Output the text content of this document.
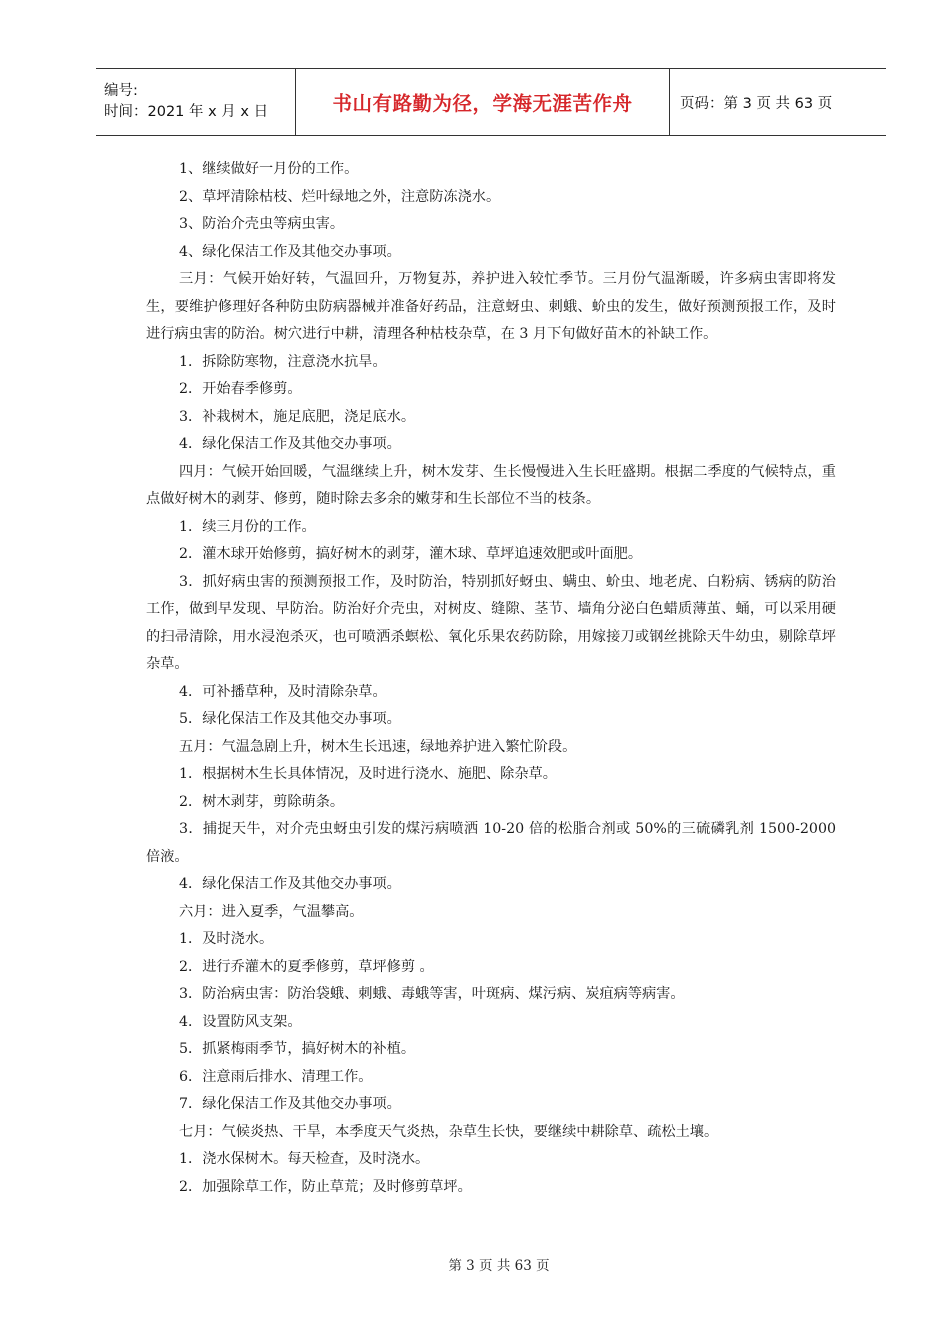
编号:
时间：2021 年 x 月 x 日	书山有路勤为径，学海无涯苦作舟	页码：第 3 页 共 63 页

1、继续做好一月份的工作。

2、草坪清除枯枝、烂叶绿地之外，注意防冻浇水。

3、防治介壳虫等病虫害。

4、绿化保洁工作及其他交办事项。

三月：气候开始好转，气温回升，万物复苏，养护进入较忙季节。三月份气温渐暖，许多病虫害即将发生，要维护修理好各种防虫防病器械并准备好药品，注意蚜虫、刺蛾、蚧虫的发生，做好预测预报工作，及时进行病虫害的防治。树穴进行中耕，清理各种枯枝杂草，在 3 月下旬做好苗木的补缺工作。

1．拆除防寒物，注意浇水抗旱。

2．开始春季修剪。

3．补栽树木，施足底肥，浇足底水。

4．绿化保洁工作及其他交办事项。

四月：气候开始回暖，气温继续上升，树木发芽、生长慢慢进入生长旺盛期。根据二季度的气候特点，重点做好树木的剥芽、修剪，随时除去多余的嫩芽和生长部位不当的枝条。

1．续三月份的工作。

2．灌木球开始修剪，搞好树木的剥芽，灌木球、草坪追速效肥或叶面肥。

3．抓好病虫害的预测预报工作，及时防治，特别抓好蚜虫、螨虫、蚧虫、地老虎、白粉病、锈病的防治工作，做到早发现、早防治。防治好介壳虫，对树皮、缝隙、茎节、墙角分泌白色蜡质薄茧、蛹，可以采用硬的扫帚清除，用水浸泡杀灭，也可喷洒杀螟松、氧化乐果农药防除，用嫁接刀或钢丝挑除天牛幼虫，剔除草坪杂草。

4．可补播草种，及时清除杂草。

5．绿化保洁工作及其他交办事项。

五月：气温急剧上升，树木生长迅速，绿地养护进入繁忙阶段。

1．根据树木生长具体情况，及时进行浇水、施肥、除杂草。

2．树木剥芽，剪除萌条。

3．捕捉天牛，对介壳虫蚜虫引发的煤污病喷洒 10-20 倍的松脂合剂或 50%的三硫磷乳剂 1500-2000 倍液。

4．绿化保洁工作及其他交办事项。

六月：进入夏季，气温攀高。

1．及时浇水。

2．进行乔灌木的夏季修剪，草坪修剪 。

3．防治病虫害：防治袋蛾、刺蛾、毒蛾等害，叶斑病、煤污病、炭疽病等病害。

4．设置防风支架。

5．抓紧梅雨季节，搞好树木的补植。

6．注意雨后排水、清理工作。

7．绿化保洁工作及其他交办事项。

七月：气候炎热、干旱，本季度天气炎热，杂草生长快，要继续中耕除草、疏松土壤。

1．浇水保树木。每天检查，及时浇水。

2．加强除草工作，防止草荒；及时修剪草坪。

第 3 页 共 63 页
